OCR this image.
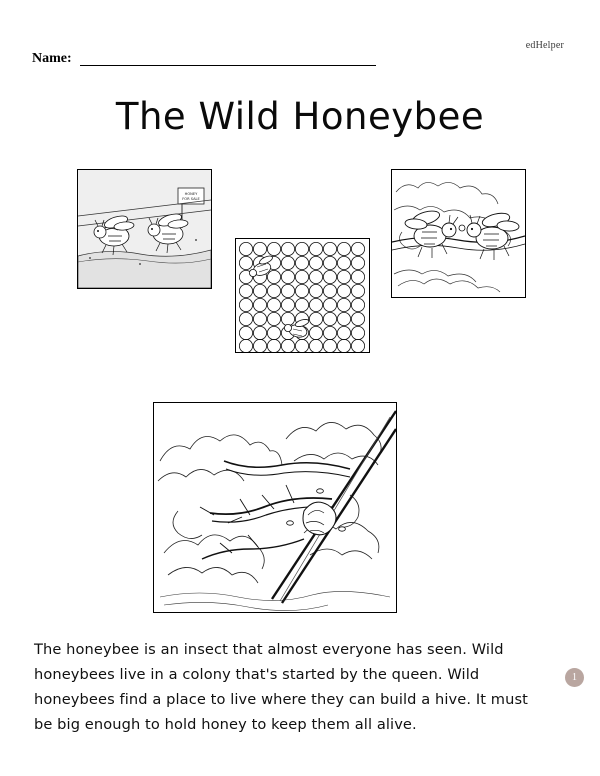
edHelper
Name:
The Wild Honeybee
HONEY
FOR SALE

The honeybee is an insect that almost everyone has seen. Wild honeybees live in a colony that's started by the queen. Wild honeybees find a place to live where they can build a hive. It must be big enough to hold honey to keep them all alive.

1
